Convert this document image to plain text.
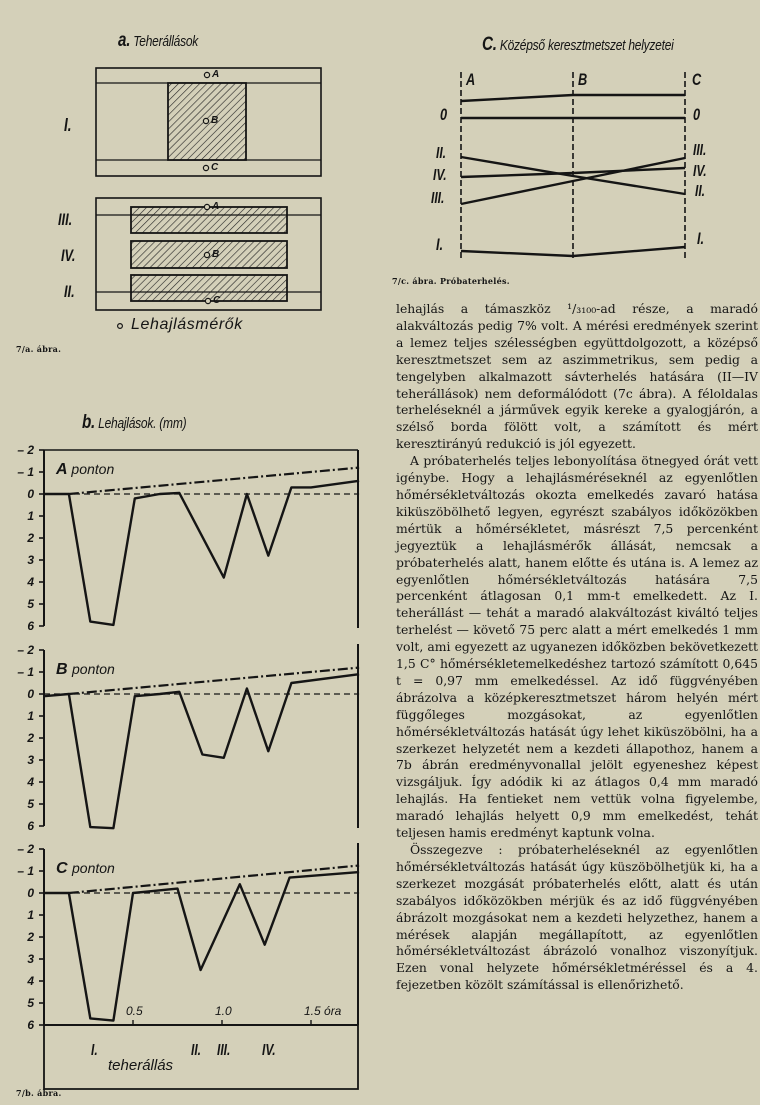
a. Teherállások
A
B
C
A
B
C
I.
III.
IV.
II.
Lehajlásmérők
7/a. ábra.
C. Középső keresztmetszet helyzetei
A	B	C
0
II.
IV.
III.
I.
0
III.
IV.
II.
I.
7/c. ábra. Próbaterhelés.
b. Lehajlások. (mm)
– 2
– 1
0
1
2
3
4
5
6
A ponton
– 2
– 1
0
1
2
3
4
5
6
B ponton
– 2
– 1
0
1
2
3
4
5
6
C ponton
0.5	1.0	1.5 óra
I.	II. III. IV.
teherállás
7/b. ábra.

lehajlás a támaszköz ¹/₃₁₀₀-ad része, a maradó alakváltozás pedig 7% volt. A mérési eredmények szerint a lemez teljes szélességben együttdolgozott, a középső keresztmetszet sem az aszimmetrikus, sem pedig a tengelyben alkalmazott sávterhelés hatására (II—IV teherállások) nem deformálódott (7c ábra). A féloldalas terheléseknél a járművek egyik kereke a gyalogjárón, a szélső borda fölött volt, a számított és mért keresztirányú redukció is jól egyezett.

A próbaterhelés teljes lebonyolítása ötnegyed órát vett igénybe. Hogy a lehajlásméréseknél az egyenlőtlen hőmérsékletváltozás okozta emelkedés zavaró hatása kiküszöbölhető legyen, egyrészt szabályos időközökben mértük a hőmérsékletet, másrészt 7,5 percenként jegyeztük a lehajlásmérők állását, nemcsak a próbaterhelés alatt, hanem előtte és utána is. A lemez az egyenlőtlen hőmérsékletváltozás hatására 7,5 percenként átlagosan 0,1 mm-t emelkedett. Az I. teherállást — tehát a maradó alakváltozást kiváltó teljes terhelést — követő 75 perc alatt a mért emelkedés 1 mm volt, ami egyezett az ugyanezen időközben bekövetkezett 1,5 C° hőmérsékletemelkedéshez tartozó számított 0,645 t = 0,97 mm emelkedéssel. Az idő függvényében ábrázolva a középkeresztmetszet három helyén mért függőleges mozgásokat, az egyenlőtlen hőmérsékletváltozás hatását úgy lehet kiküszöbölni, ha a szerkezet helyzetét nem a kezdeti állapothoz, hanem a 7b ábrán eredményvonallal jelölt egyeneshez képest vizsgáljuk. Így adódik ki az átlagos 0,4 mm maradó lehajlás. Ha fentieket nem vettük volna figyelembe, maradó lehajlás helyett 0,9 mm emelkedést, tehát teljesen hamis eredményt kaptunk volna.

Összegezve : próbaterheléseknél az egyenlőtlen hőmérsékletváltozás hatását úgy küszöbölhetjük ki, ha a szerkezet mozgását próbaterhelés előtt, alatt és után szabályos időközökben mérjük és az idő függvényében ábrázolt mozgásokat nem a kezdeti helyzethez, hanem a mérések alapján megállapított, az egyenlőtlen hőmérsékletváltozást ábrázoló vonalhoz viszonyítjuk. Ezen vonal helyzete hőmérsékletméréssel és a 4. fejezetben közölt számítással is ellenőrizhető.
